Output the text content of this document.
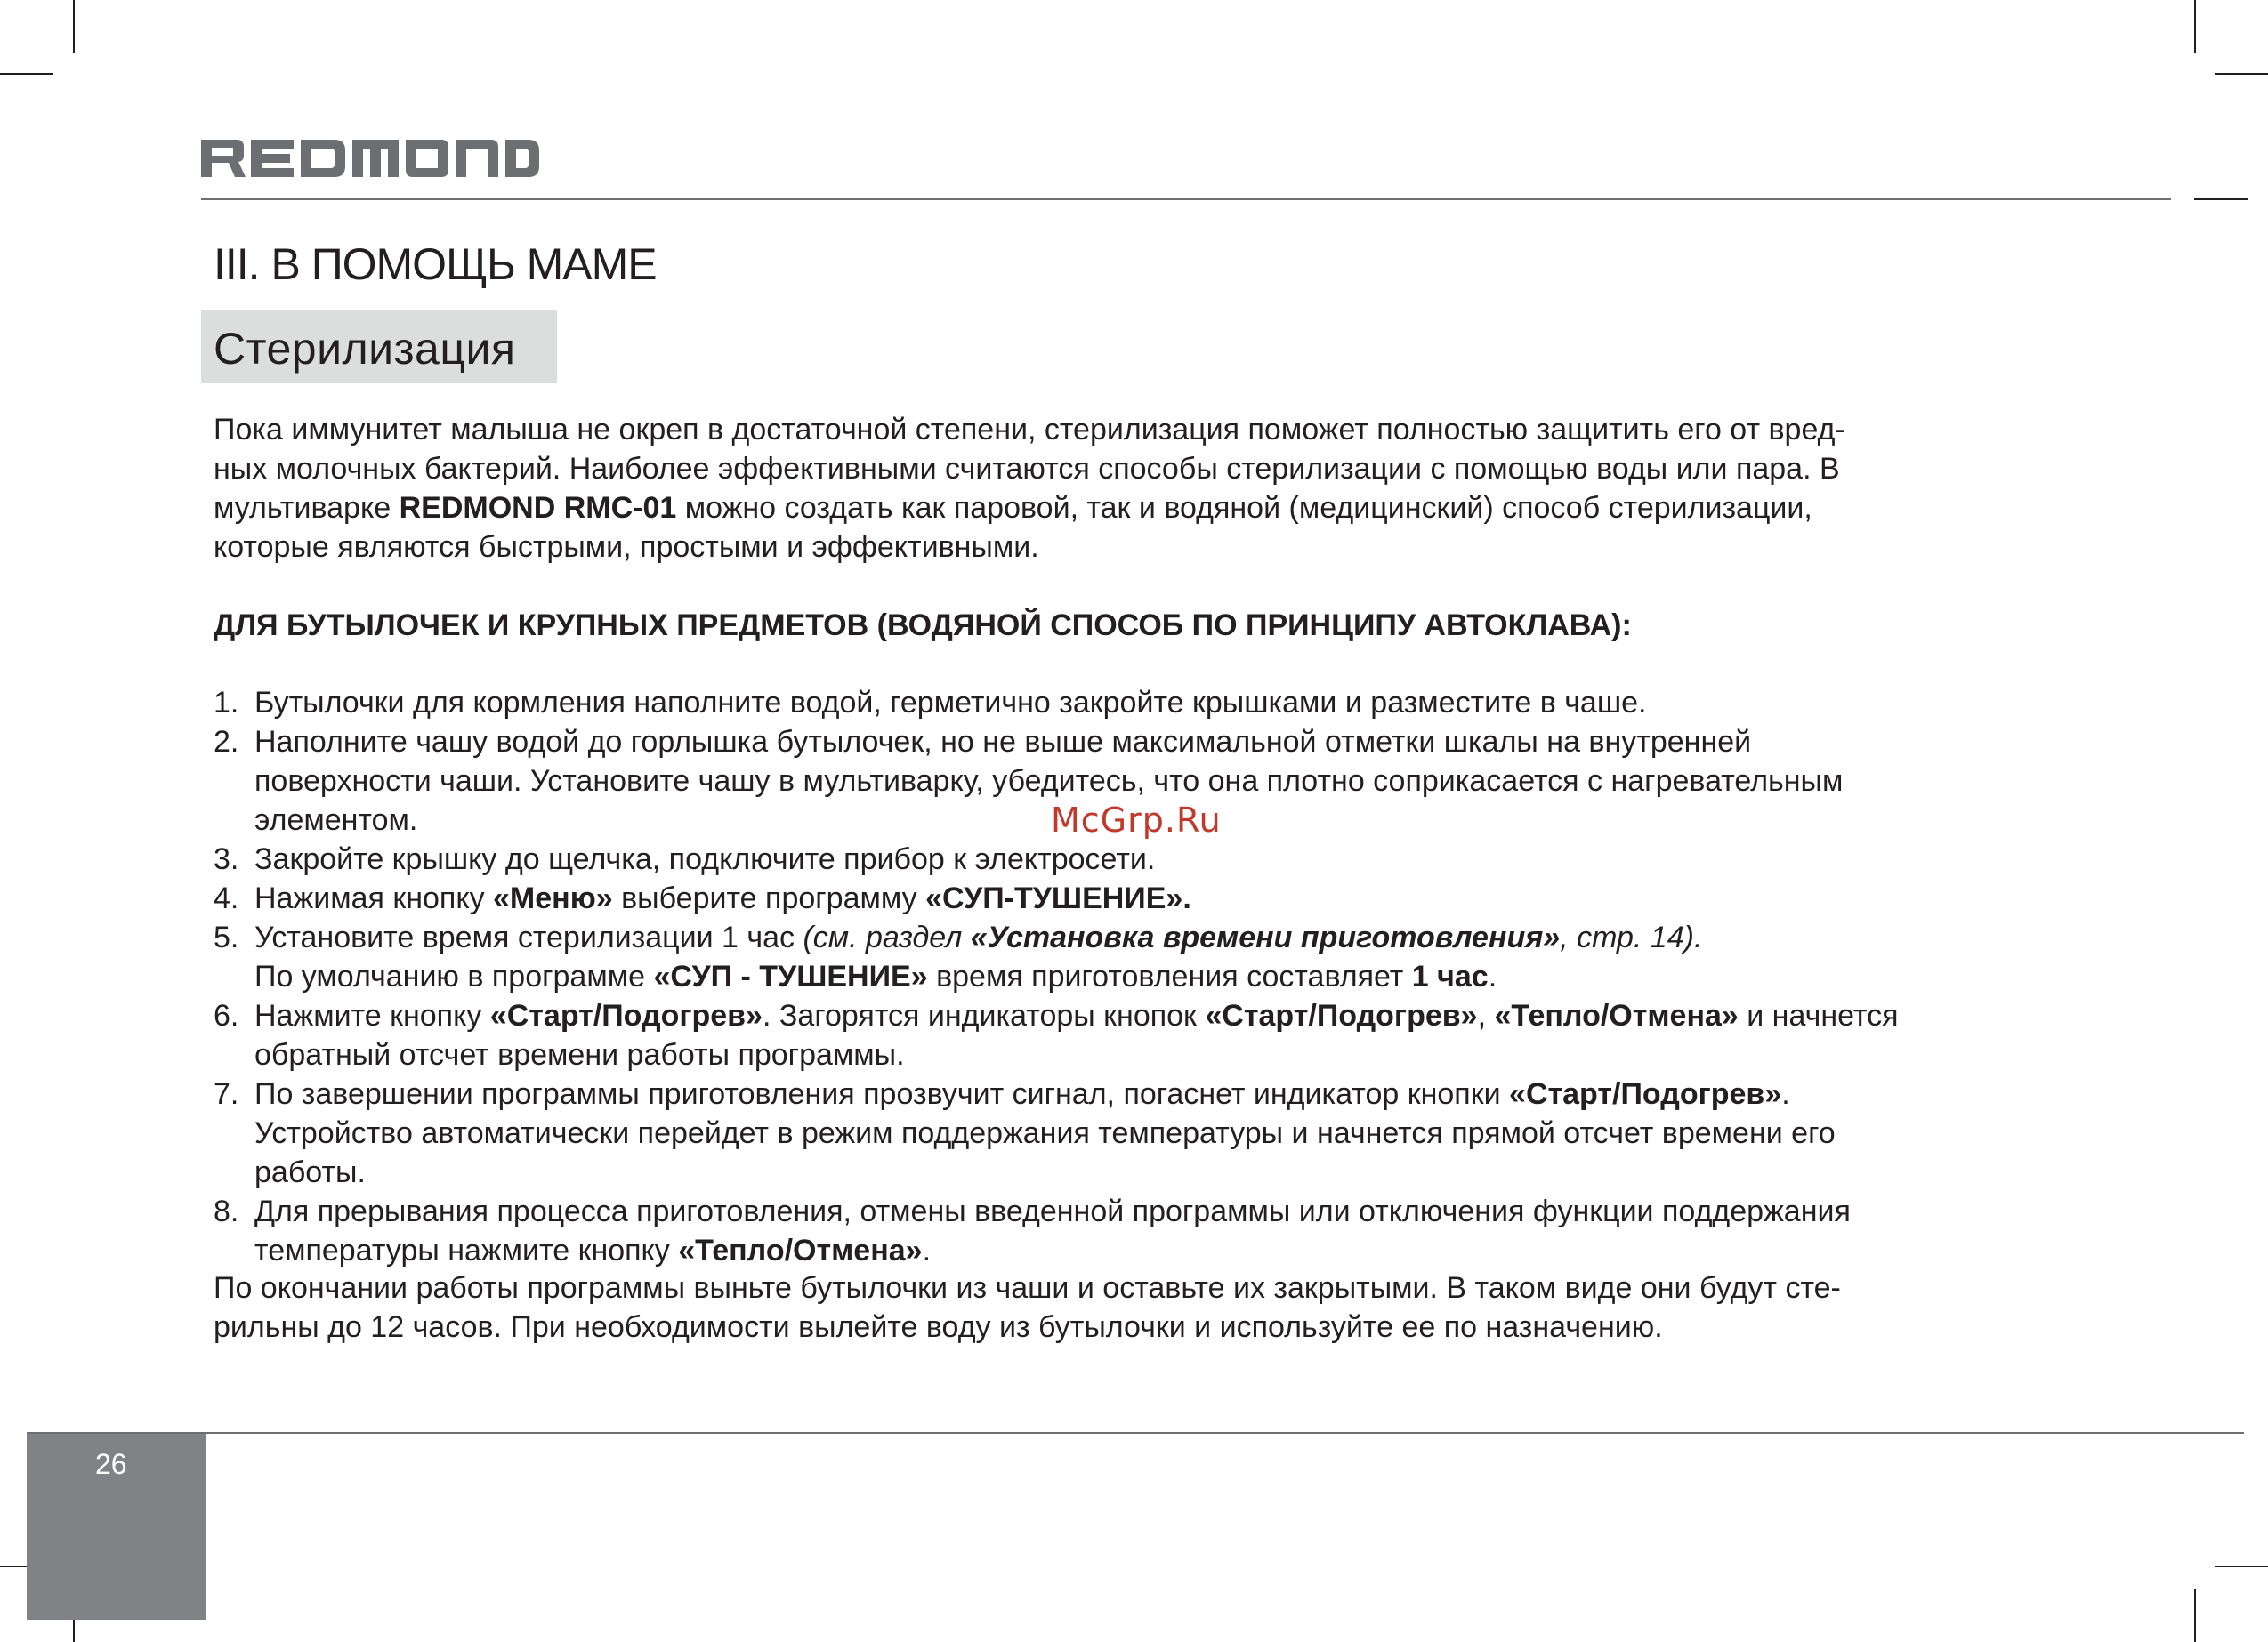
III. В ПОМОЩЬ МАМЕ
Стерилизация
Пока иммунитет малыша не окреп в достаточной степени, стерилизация поможет полностью защитить его от вред-
ных молочных бактерий. Наиболее эффективными считаются способы стерилизации с помощью воды или пара. В
мультиварке REDMOND RMC-01 можно создать как паровой, так и водяной (медицинский) способ стерилизации,
которые являются быстрыми, простыми и эффективными.
ДЛЯ БУТЫЛОЧЕК И КРУПНЫХ ПРЕДМЕТОВ (ВОДЯНОЙ СПОСОБ ПО ПРИНЦИПУ АВТОКЛАВА):
1. Бутылочки для кормления наполните водой, герметично закройте крышками и разместите в чаше.
2. Наполните чашу водой до горлышка бутылочек, но не выше максимальной отметки шкалы на внутренней
поверхности чаши. Установите чашу в мультиварку, убедитесь, что она плотно соприкасается с нагревательным
элементом.
3. Закройте крышку до щелчка, подключите прибор к электросети.
4. Нажимая кнопку «Меню» выберите программу «СУП-ТУШЕНИЕ».
5. Установите время стерилизации 1 час (см. раздел «Установка времени приготовления», стр. 14).
По умолчанию в программе «СУП - ТУШЕНИЕ» время приготовления составляет 1 час.
6. Нажмите кнопку «Старт/Подогрев». Загорятся индикаторы кнопок «Старт/Подогрев», «Тепло/Отмена» и начнется
обратный отсчет времени работы программы.
7. По завершении программы приготовления прозвучит сигнал, погаснет индикатор кнопки «Старт/Подогрев».
Устройство автоматически перейдет в режим поддержания температуры и начнется прямой отсчет времени его
работы.
8. Для прерывания процесса приготовления, отмены введенной программы или отключения функции поддержания
температуры нажмите кнопку «Тепло/Отмена».
По окончании работы программы выньте бутылочки из чаши и оставьте их закрытыми. В таком виде они будут сте-
рильны до 12 часов. При необходимости вылейте воду из бутылочки и используйте ее по назначению.
McGrp.Ru
26
